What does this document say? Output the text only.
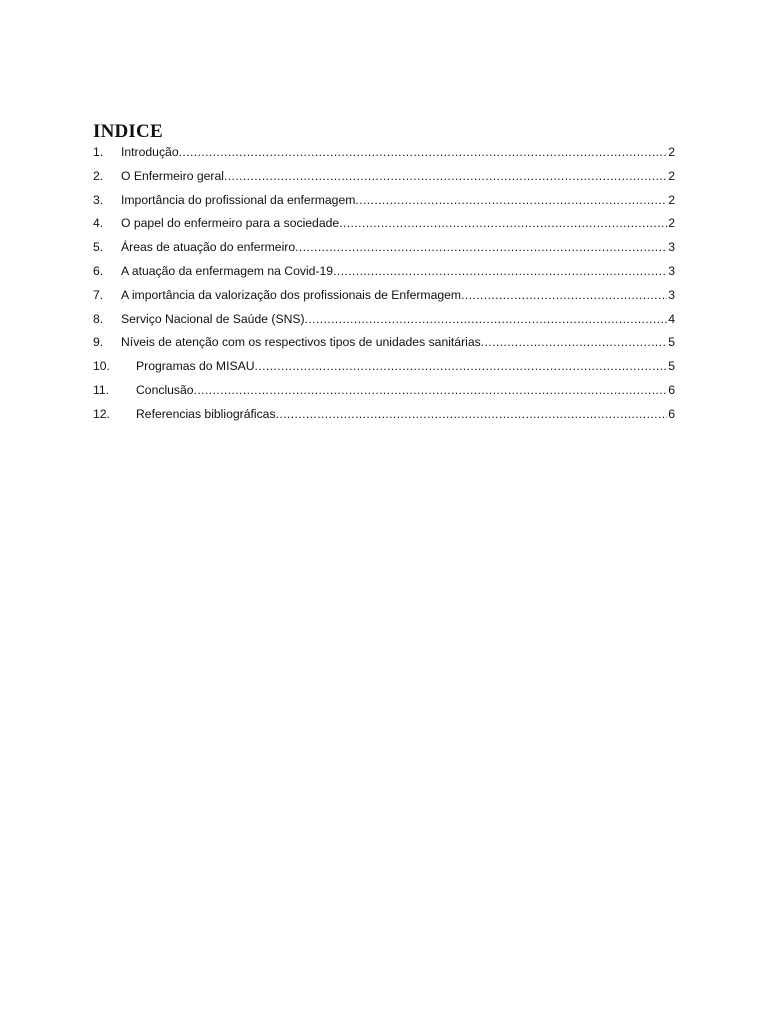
INDICE
1.	Introdução .....	2
2.	O Enfermeiro geral .....	2
3.	Importância do profissional da enfermagem .....	2
4.	O papel do enfermeiro para a sociedade .....	2
5.	Áreas de atuação do enfermeiro .....	3
6.	A atuação da enfermagem na Covid-19 .....	3
7.	A importância da valorização dos profissionais de Enfermagem .....	3
8.	Serviço Nacional de Saúde (SNS) .....	4
9.	Níveis de atenção com os respectivos tipos de unidades sanitárias .....	5
10.	Programas do MISAU .....	5
11.	Conclusão .....	6
12.	Referencias bibliográficas .....	6
